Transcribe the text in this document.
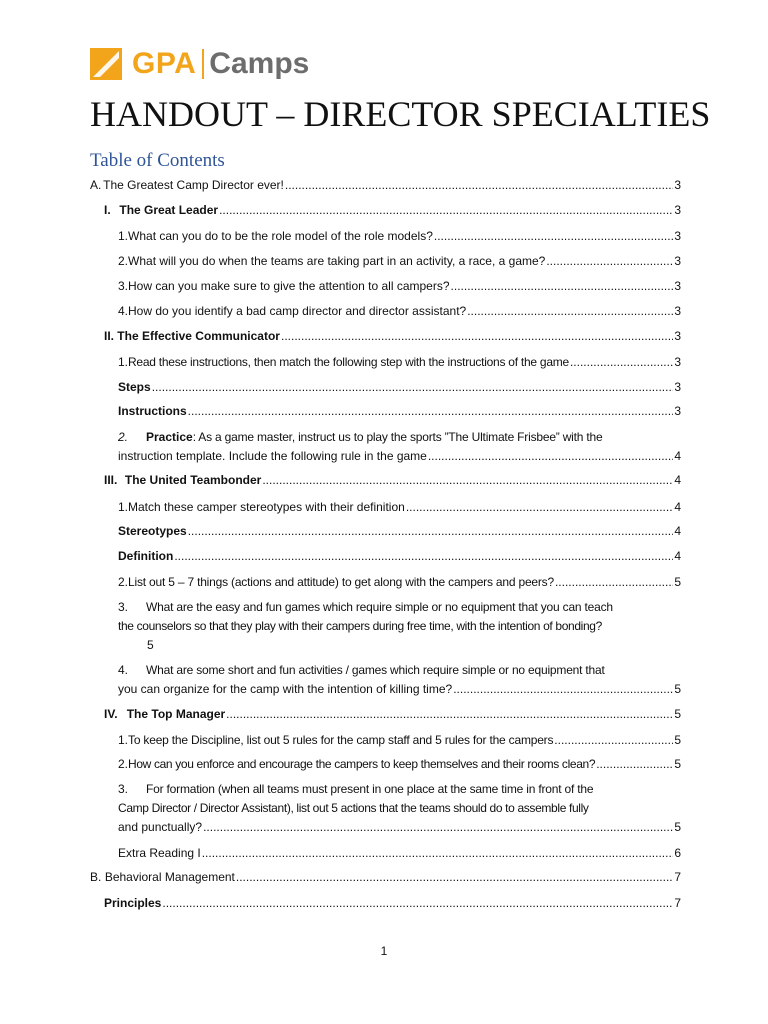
GPA Camps
HANDOUT – DIRECTOR SPECIALTIES
Table of Contents
A. The Greatest Camp Director ever! .....	3
I. The Great Leader .....	3
1. What can you do to be the role model of the role models? .....	3
2. What will you do when the teams are taking part in an activity, a race, a game? .....	3
3. How can you make sure to give the attention to all campers? .....	3
4. How do you identify a bad camp director and director assistant? .....	3
II. The Effective Communicator .....	3
1. Read these instructions, then match the following step with the instructions of the game .....	3
Steps .....	3
Instructions .....	3
2.	Practice : As a game master, instruct us to play the sports ”The Ultimate Frisbee” with the
instruction template. Include the following rule in the game .....	4
III. The United Teambonder .....	4
1. Match these camper stereotypes with their definition .....	4
Stereotypes .....	4
Definition .....	4
2. List out 5 – 7 things (actions and attitude) to get along with the campers and peers? .....	5
3.	What are the easy and fun games which require simple or no equipment that you can teach
the counselors so that they play with their campers during free time, with the intention of bonding?
5
4.	What are some short and fun activities / games which require simple or no equipment that
you can organize for the camp with the intention of killing time? .....	5
IV. The Top Manager .....	5
1. To keep the Discipline, list out 5 rules for the camp staff and 5 rules for the campers .....	5
2. How can you enforce and encourage the campers to keep themselves and their rooms clean? .....	5
3.	For formation (when all teams must present in one place at the same time in front of the
Camp Director / Director Assistant), list out 5 actions that the teams should do to assemble fully
and punctually? .....	5
Extra Reading I .....	6
B. Behavioral Management .....	7
Principles .....	7
1
